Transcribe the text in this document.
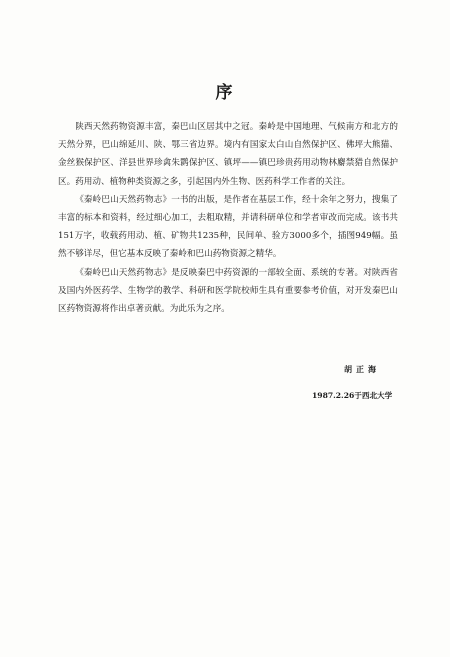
序

陕西天然药物资源丰富，秦巴山区居其中之冠。秦岭是中国地理、气候南方和北方的天然分界，巴山绵延川、陕、鄂三省边界。境内有国家太白山自然保护区、佛坪大熊猫、金丝猴保护区、洋县世界珍禽朱鹮保护区、镇坪——镇巴珍贵药用动物林麝禁猎自然保护区。药用动、植物种类资源之多，引起国内外生物、医药科学工作者的关注。

《秦岭巴山天然药物志》一书的出版，是作者在基层工作，经十余年之努力，搜集了丰富的标本和资料，经过细心加工，去粗取精，并请科研单位和学者审改而完成。该书共151万字，收载药用动、植、矿物共1235种，民间单、验方3000多个，插图949幅。虽然不够详尽，但它基本反映了秦岭和巴山药物资源之精华。

《秦岭巴山天然药物志》是反映秦巴中药资源的一部较全面、系统的专著。对陕西省及国内外医药学、生物学的教学、科研和医学院校师生具有重要参考价值，对开发秦巴山区药物资源将作出卓著贡献。为此乐为之序。

胡正海
1987.2.26于西北大学
